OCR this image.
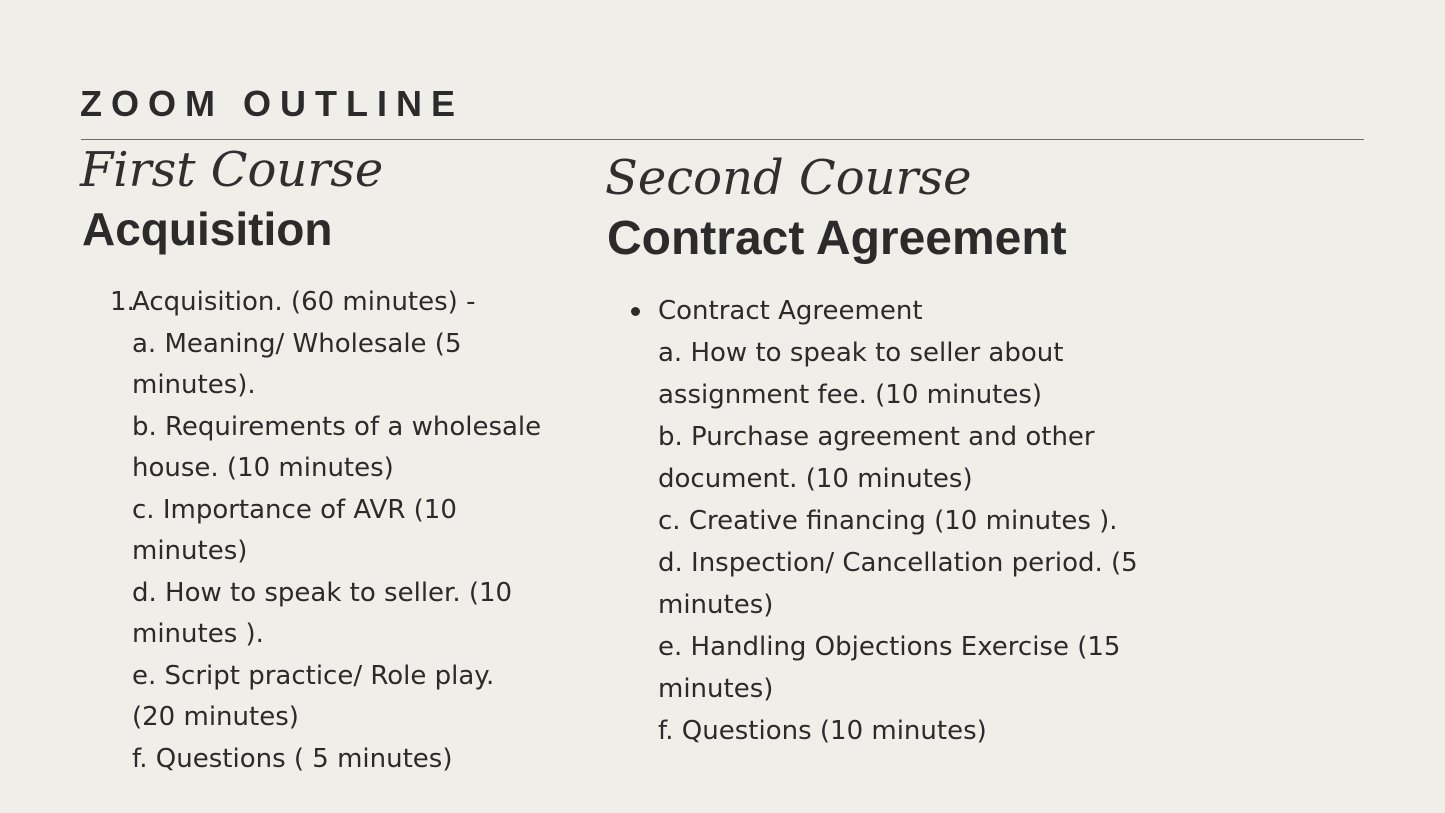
ZOOM OUTLINE
First Course
Acquisition
1.
Acquisition. (60 minutes) -
a. Meaning/ Wholesale (5
minutes).
b. Requirements of a wholesale
house. (10 minutes)
c. Importance of AVR (10
minutes)
d. How to speak to seller. (10
minutes ).
e. Script practice/ Role play.
(20 minutes)
f. Questions ( 5 minutes)
Second Course
Contract Agreement
Contract Agreement
a. How to speak to seller about
assignment fee. (10 minutes)
b. Purchase agreement and other
document. (10 minutes)
c. Creative financing (10 minutes ).
d. Inspection/ Cancellation period. (5
minutes)
e. Handling Objections Exercise (15
minutes)
f. Questions (10 minutes)
